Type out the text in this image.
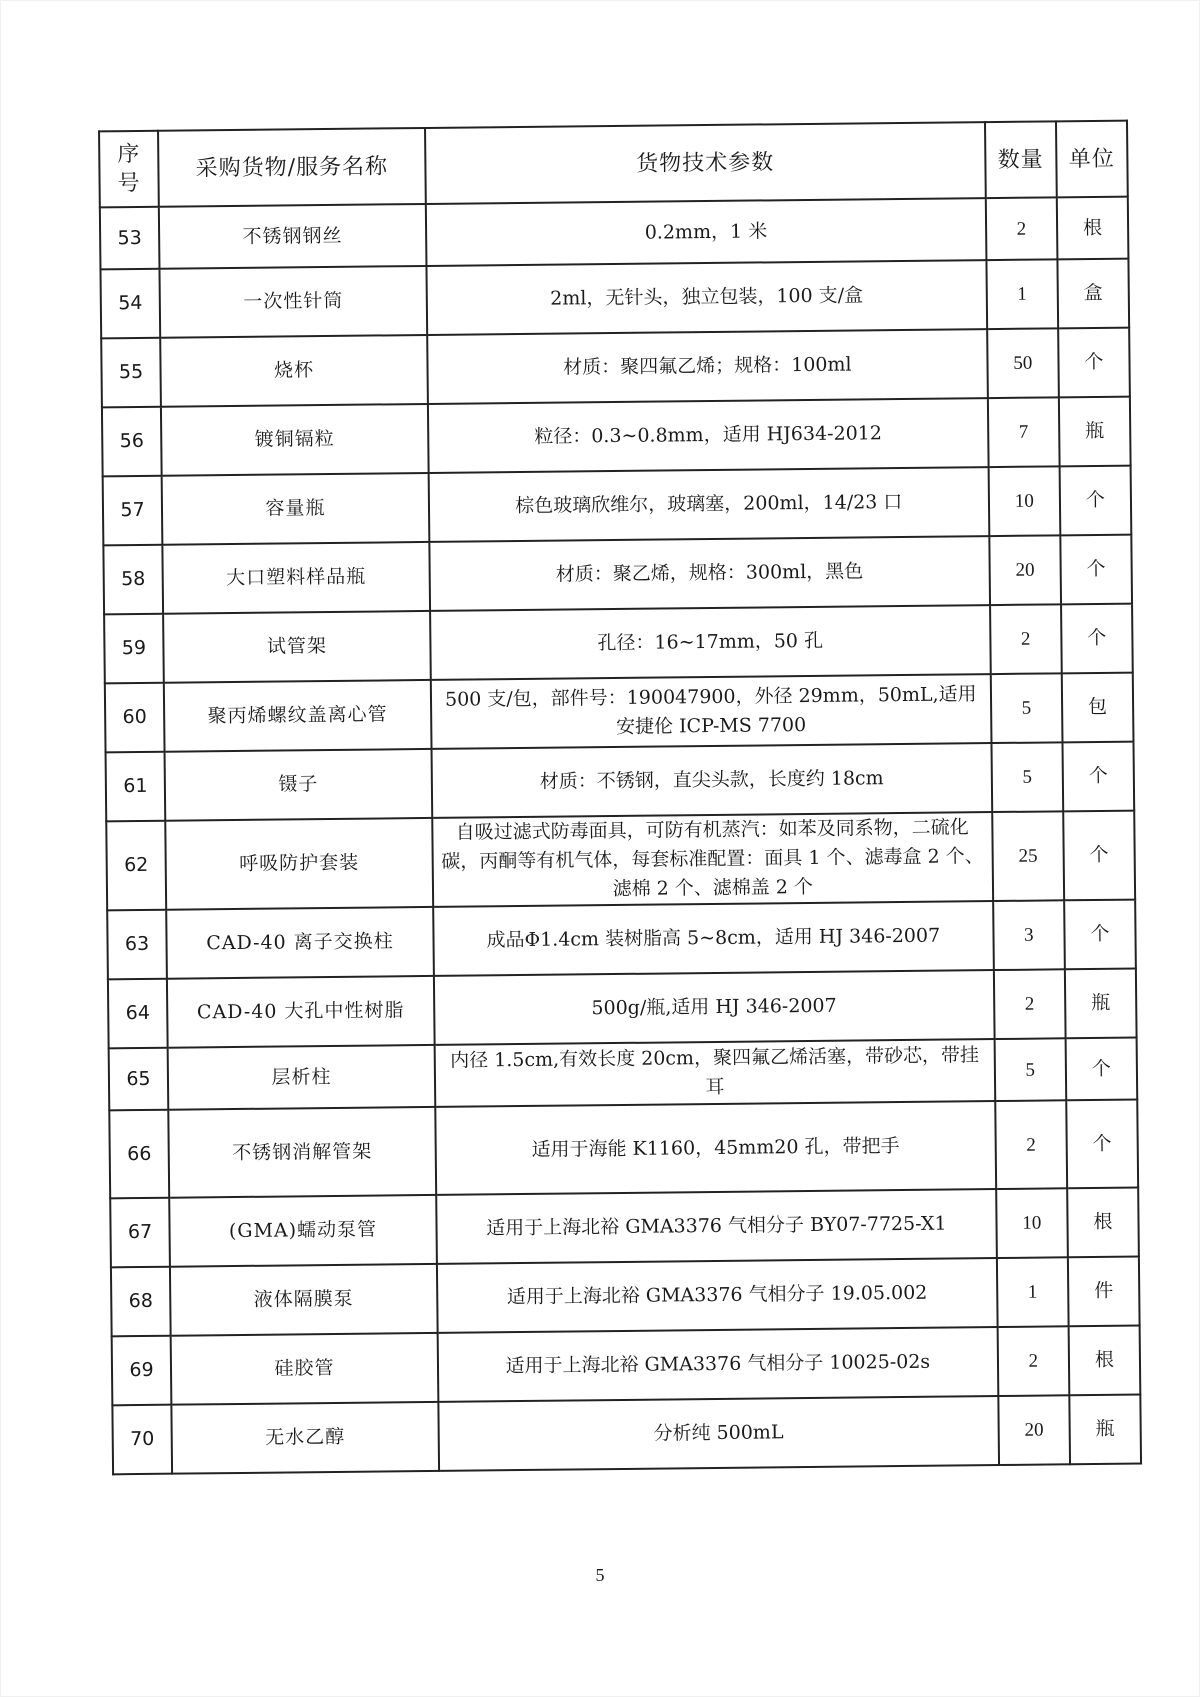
序号	采购货物/服务名称	货物技术参数	数量	单位
53	不锈钢钢丝	0.2mm，1 米	2	根
54	一次性针筒	2ml，无针头，独立包装，100 支/盒	1	盒
55	烧杯	材质：聚四氟乙烯；规格：100ml	50	个
56	镀铜镉粒	粒径：0.3~0.8mm，适用 HJ634-2012	7	瓶
57	容量瓶	棕色玻璃欣维尔，玻璃塞，200ml，14/23 口	10	个
58	大口塑料样品瓶	材质：聚乙烯，规格：300ml，黑色	20	个
59	试管架	孔径：16~17mm，50 孔	2	个
60	聚丙烯螺纹盖离心管	500 支/包，部件号：190047900，外径 29mm，50mL,适用安捷伦 ICP-MS 7700	5	包
61	镊子	材质：不锈钢，直尖头款，长度约 18cm	5	个
62	呼吸防护套装	自吸过滤式防毒面具，可防有机蒸汽：如苯及同系物，二硫化碳，丙酮等有机气体，每套标准配置：面具 1 个、滤毒盒 2 个、滤棉 2 个、滤棉盖 2 个	25	个
63	CAD-40 离子交换柱	成品Φ1.4cm 装树脂高 5~8cm，适用 HJ 346-2007	3	个
64	CAD-40 大孔中性树脂	500g/瓶,适用 HJ 346-2007	2	瓶
65	层析柱	内径 1.5cm,有效长度 20cm，聚四氟乙烯活塞，带砂芯，带挂耳	5	个
66	不锈钢消解管架	适用于海能 K1160，45mm20 孔，带把手	2	个
67	(GMA)蠕动泵管	适用于上海北裕 GMA3376 气相分子 BY07-7725-X1	10	根
68	液体隔膜泵	适用于上海北裕 GMA3376 气相分子 19.05.002	1	件
69	硅胶管	适用于上海北裕 GMA3376 气相分子 10025-02s	2	根
70	无水乙醇	分析纯 500mL	20	瓶
5
